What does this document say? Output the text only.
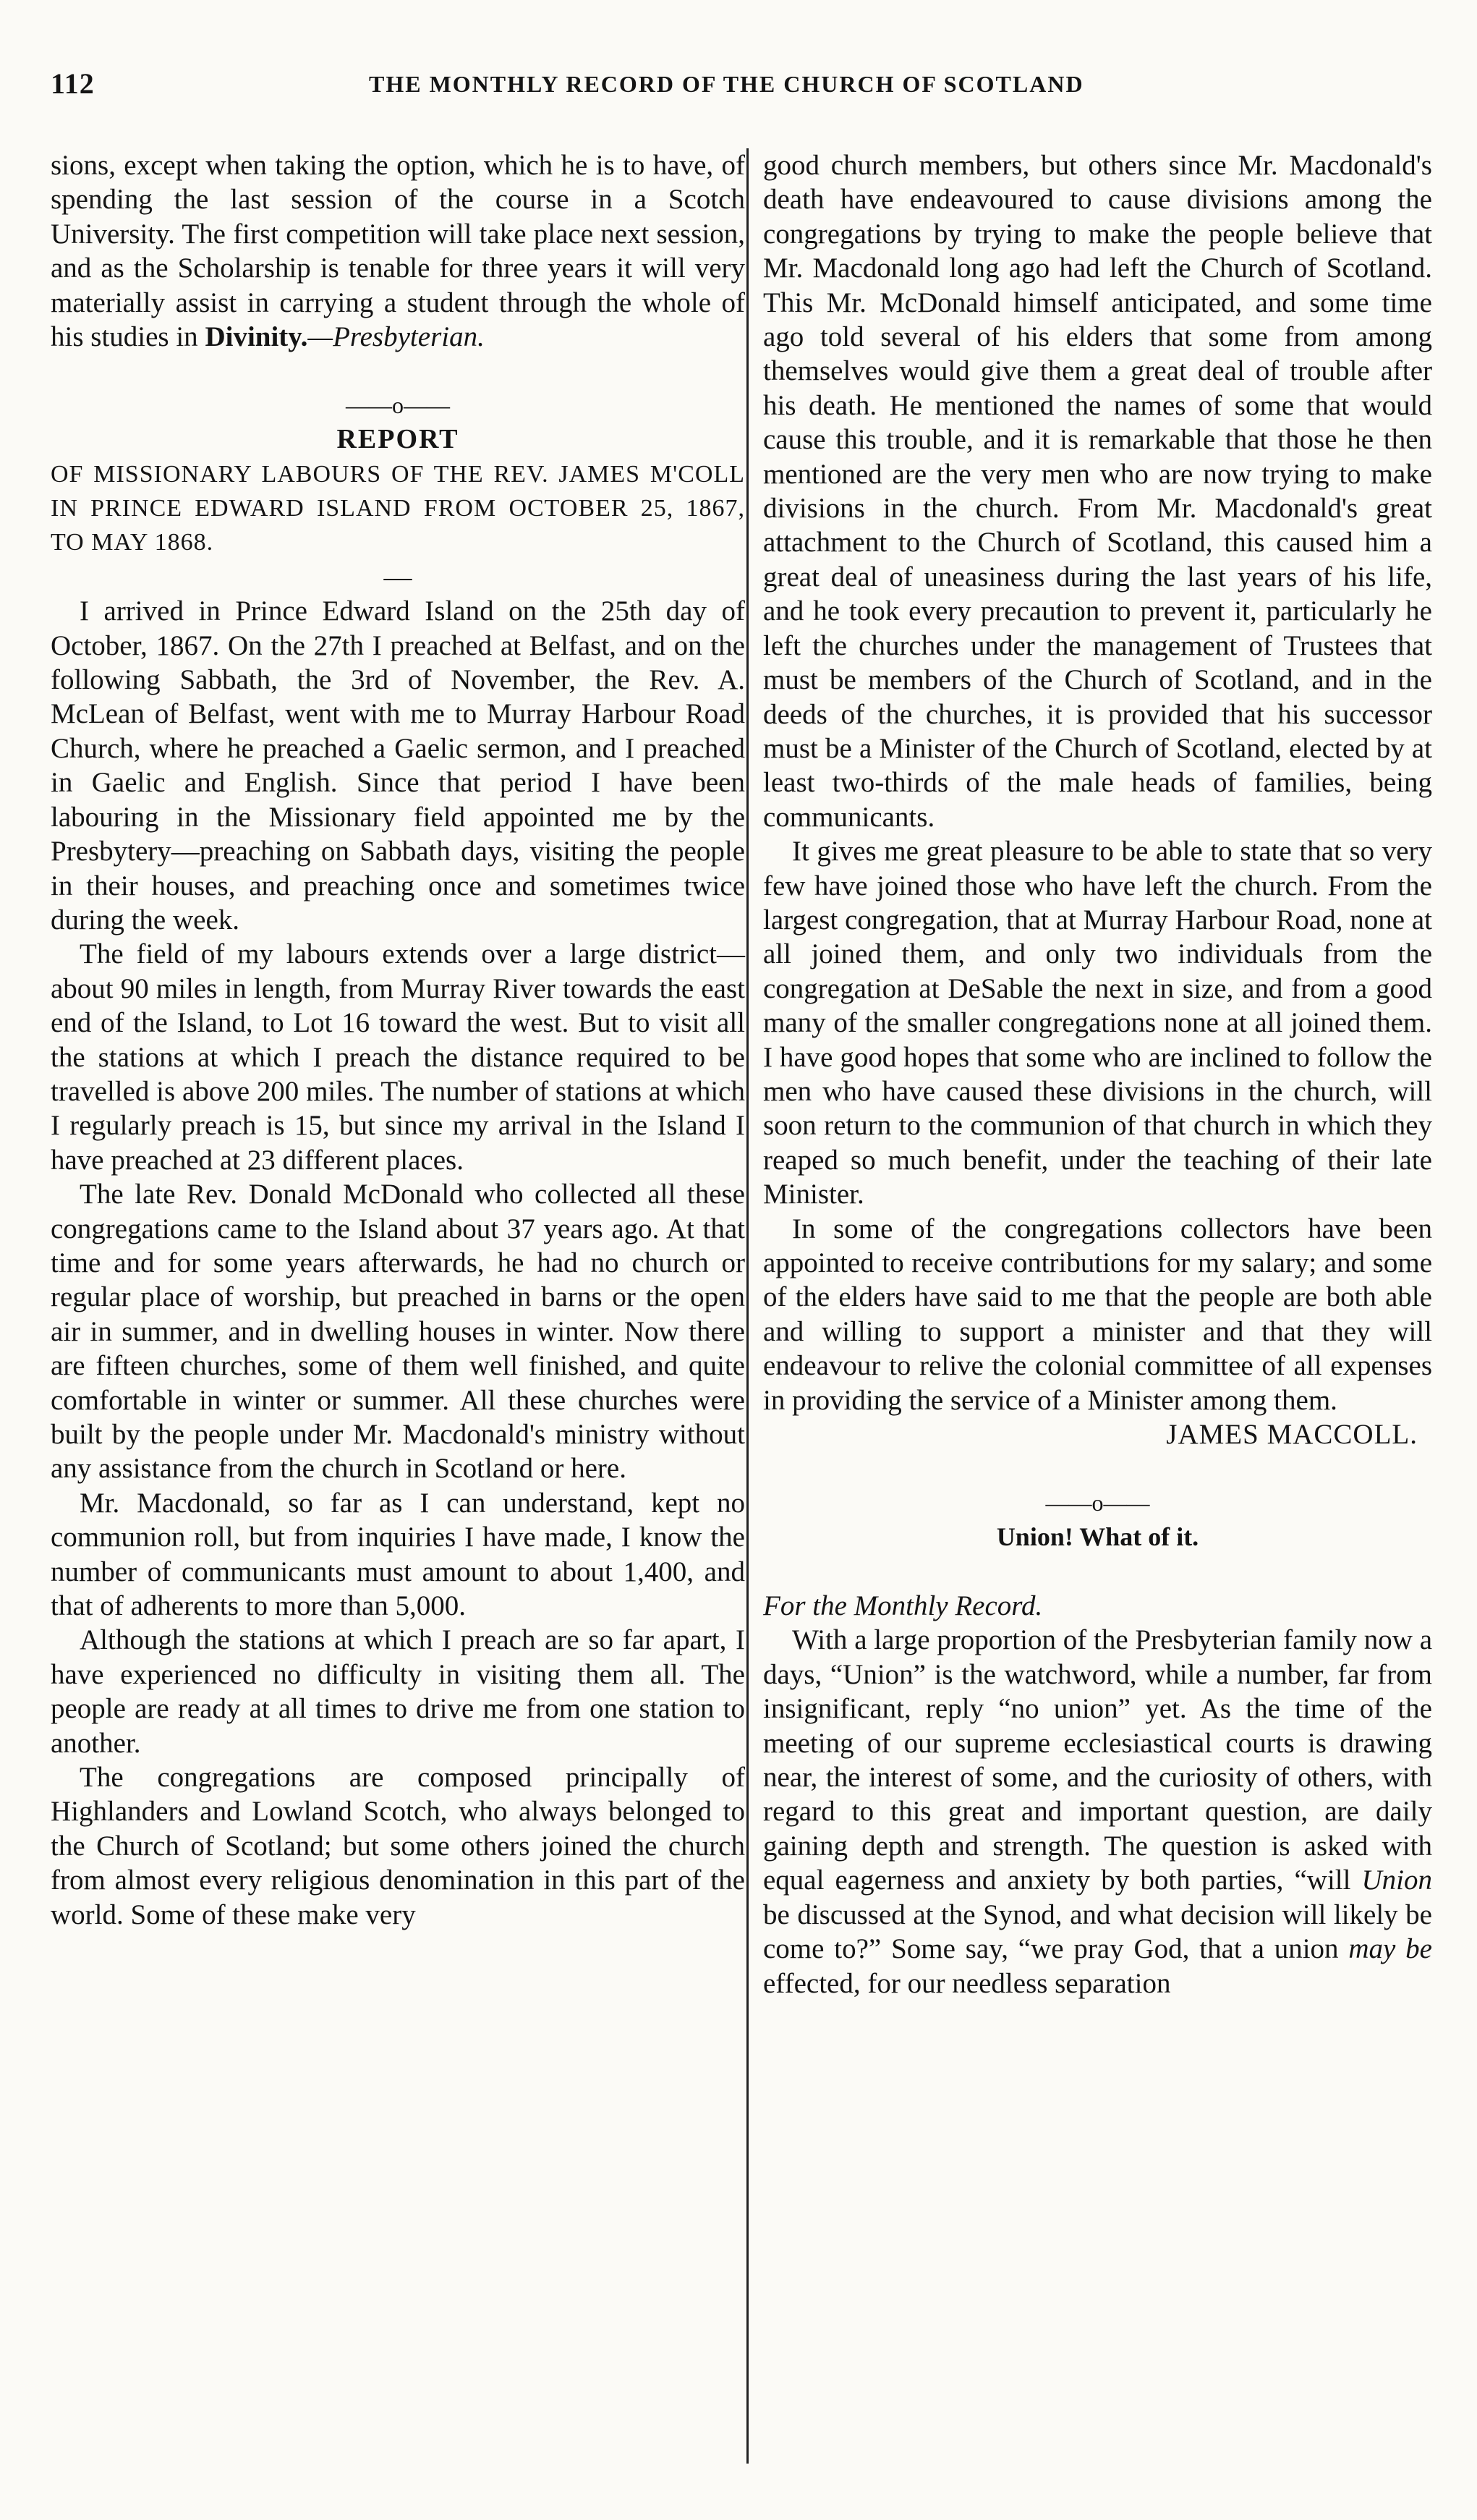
112	THE MONTHLY RECORD OF THE CHURCH OF SCOTLAND

sions, except when taking the option, which he is to have, of spending the last session of the course in a Scotch University. The first competition will take place next session, and as the Scholarship is tenable for three years it will very materially assist in carrying a student through the whole of his studies in Divinity.—Presbyterian.

——o——
REPORT

OF MISSIONARY LABOURS OF THE REV. JAMES M'COLL IN PRINCE EDWARD ISLAND FROM OCTOBER 25, 1867, TO MAY 1868.

—

I arrived in Prince Edward Island on the 25th day of October, 1867. On the 27th I preached at Belfast, and on the following Sabbath, the 3rd of November, the Rev. A. McLean of Belfast, went with me to Murray Harbour Road Church, where he preached a Gaelic sermon, and I preached in Gaelic and English. Since that period I have been labouring in the Missionary field appointed me by the Presbytery—preaching on Sabbath days, visiting the people in their houses, and preaching once and sometimes twice during the week.

The field of my labours extends over a large district—about 90 miles in length, from Murray River towards the east end of the Island, to Lot 16 toward the west. But to visit all the stations at which I preach the distance required to be travelled is above 200 miles. The number of stations at which I regularly preach is 15, but since my arrival in the Island I have preached at 23 different places.

The late Rev. Donald McDonald who collected all these congregations came to the Island about 37 years ago. At that time and for some years afterwards, he had no church or regular place of worship, but preached in barns or the open air in summer, and in dwelling houses in winter. Now there are fifteen churches, some of them well finished, and quite comfortable in winter or summer. All these churches were built by the people under Mr. Macdonald's ministry without any assistance from the church in Scotland or here.

Mr. Macdonald, so far as I can understand, kept no communion roll, but from inquiries I have made, I know the number of communicants must amount to about 1,400, and that of adherents to more than 5,000.

Although the stations at which I preach are so far apart, I have experienced no difficulty in visiting them all. The people are ready at all times to drive me from one station to another.

The congregations are composed principally of Highlanders and Lowland Scotch, who always belonged to the Church of Scotland; but some others joined the church from almost every religious denomination in this part of the world. Some of these make very

good church members, but others since Mr. Macdonald's death have endeavoured to cause divisions among the congregations by trying to make the people believe that Mr. Macdonald long ago had left the Church of Scotland. This Mr. McDonald himself anticipated, and some time ago told several of his elders that some from among themselves would give them a great deal of trouble after his death. He mentioned the names of some that would cause this trouble, and it is remarkable that those he then mentioned are the very men who are now trying to make divisions in the church. From Mr. Macdonald's great attachment to the Church of Scotland, this caused him a great deal of uneasiness during the last years of his life, and he took every precaution to prevent it, particularly he left the churches under the management of Trustees that must be members of the Church of Scotland, and in the deeds of the churches, it is provided that his successor must be a Minister of the Church of Scotland, elected by at least two-thirds of the male heads of families, being communicants.

It gives me great pleasure to be able to state that so very few have joined those who have left the church. From the largest congregation, that at Murray Harbour Road, none at all joined them, and only two individuals from the congregation at DeSable the next in size, and from a good many of the smaller congregations none at all joined them. I have good hopes that some who are inclined to follow the men who have caused these divisions in the church, will soon return to the communion of that church in which they reaped so much benefit, under the teaching of their late Minister.

In some of the congregations collectors have been appointed to receive contributions for my salary; and some of the elders have said to me that the people are both able and willing to support a minister and that they will endeavour to relive the colonial committee of all expenses in providing the service of a Minister among them.

JAMES MACCOLL.
——o——
Union! What of it.

For the Monthly Record.

With a large proportion of the Presbyterian family now a days, “Union” is the watchword, while a number, far from insignificant, reply “no union” yet. As the time of the meeting of our supreme ecclesiastical courts is drawing near, the interest of some, and the curiosity of others, with regard to this great and important question, are daily gaining depth and strength. The question is asked with equal eagerness and anxiety by both parties, “will Union be discussed at the Synod, and what decision will likely be come to?” Some say, “we pray God, that a union may be effected, for our needless separation
